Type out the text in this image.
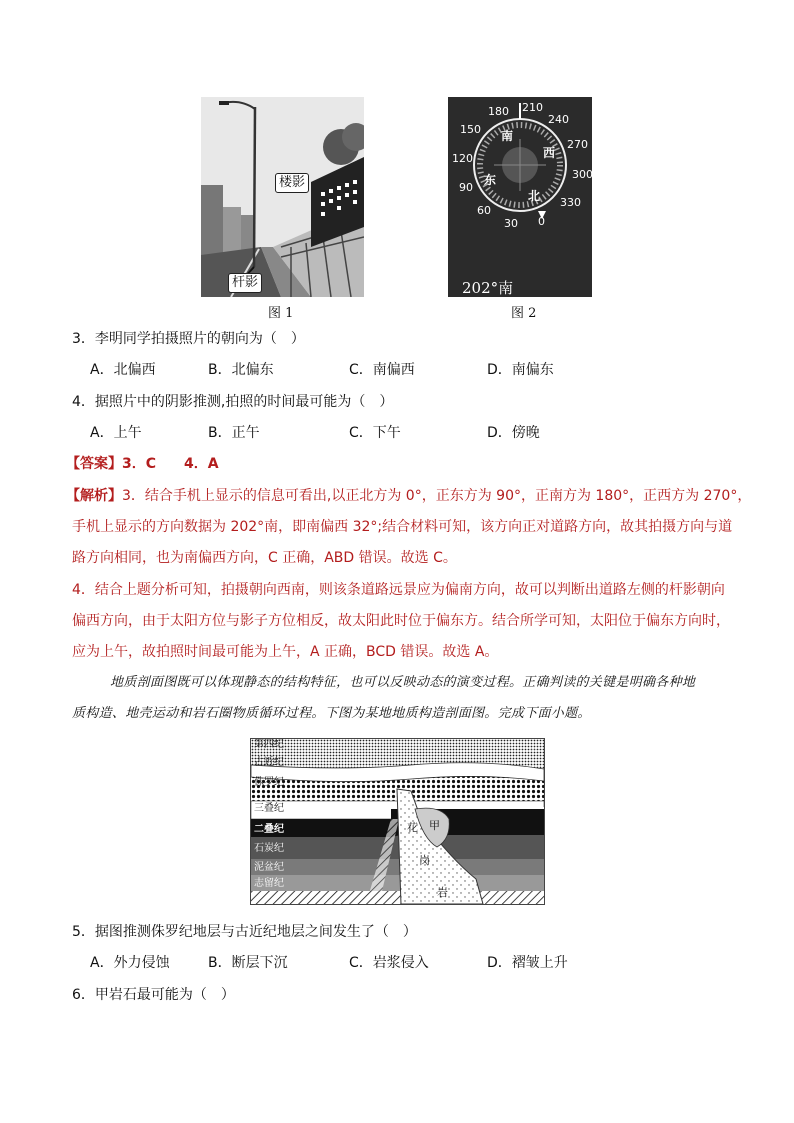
楼影
杆影
图 1
210
240
270
300
330
0
30
60
90
120
150
180
南
西
东
北
202°南
图 2
3．李明同学拍摄照片的朝向为（　）
A．北偏西	B．北偏东	C．南偏西	D．南偏东
4．据照片中的阴影推测,拍照的时间最可能为（　）
A．上午	B．正午	C．下午	D．傍晚
【答案】3．C　　4．A
【解析】3．结合手机上显示的信息可看出,以正北方为 0°，正东方为 90°，正南方为 180°，正西方为 270°，
手机上显示的方向数据为 202°南，即南偏西 32°;结合材料可知，该方向正对道路方向，故其拍摄方向与道
路方向相同，也为南偏西方向，C 正确，ABD 错误。故选 C。
4．结合上题分析可知，拍摄朝向西南，则该条道路远景应为偏南方向，故可以判断出道路左侧的杆影朝向
偏西方向，由于太阳方位与影子方位相反，故太阳此时位于偏东方。结合所学可知，太阳位于偏东方向时，
应为上午，故拍照时间最可能为上午，A 正确，BCD 错误。故选 A。
地质剖面图既可以体现静态的结构特征，也可以反映动态的演变过程。正确判读的关键是明确各种地
质构造、地壳运动和岩石圈物质循环过程。下图为某地地质构造剖面图。完成下面小题。
第四纪
古近纪
侏罗纪
三叠纪
二叠纪
石炭纪
泥盆纪
志留纪
花
岗
岩
甲
5．据图推测侏罗纪地层与古近纪地层之间发生了（　）
A．外力侵蚀	B．断层下沉	C．岩浆侵入	D．褶皱上升
6．甲岩石最可能为（　）
